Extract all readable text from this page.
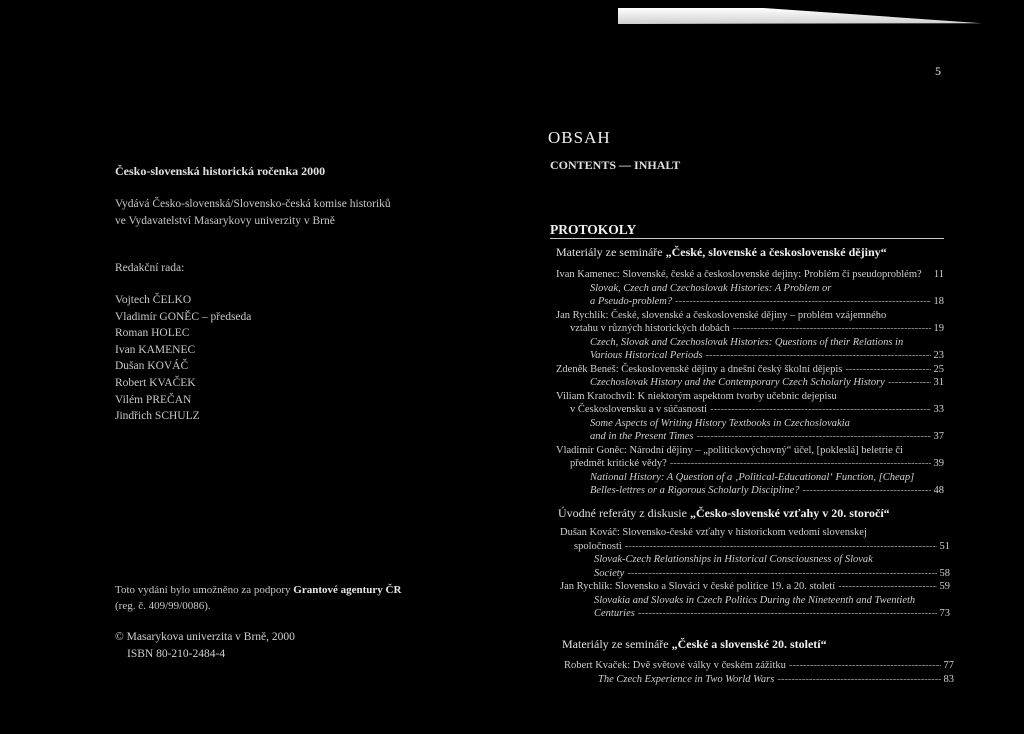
5
Česko-slovenská historická ročenka 2000
Vydává Česko-slovenská/Slovensko-česká komise historiků
ve Vydavatelství Masarykovy univerzity v Brně
Redakční rada:
Vojtech ČELKO
Vladimír GONĚC – předseda
Roman HOLEC
Ivan KAMENEC
Dušan KOVÁČ
Robert KVAČEK
Vilém PREČAN
Jindřich SCHULZ
Toto vydání bylo umožněno za podpory Grantové agentury ČR
(reg. č. 409/99/0086).
© Masarykova univerzita v Brně, 2000
ISBN 80-210-2484-4
OBSAH
CONTENTS — INHALT
PROTOKOLY
Materiály ze semináře „České, slovenské a československé dějiny“
Ivan Kamenec: Slovenské, české a československé dejiny: Problém či pseudoproblém? 11
Slovak, Czech and Czechoslovak Histories: A Problem or
a Pseudo-problem? -----	18
Jan Rychlík: České, slovenské a československé dějiny – problém vzájemného
vztahu v různých historických dobách -----	19
Czech, Slovak and Czechoslovak Histories: Questions of their Relations in
Various Historical Periods -----	23
Zdeněk Beneš: Československé dějiny a dnešní český školní dějepis -----	25
Czechoslovak History and the Contemporary Czech Scholarly History -----	31
Viliam Kratochvíl: K niektorým aspektom tvorby učebnic dejepisu
v Československu a v súčasnosti -----	33
Some Aspects of Writing History Textbooks in Czechoslovakia
and in the Present Times -----	37
Vladimír Goněc: Národní dějiny – „politickovýchovný“ účel, [pokleslá] beletrie či
předmět kritické vědy? -----	39
National History: A Question of a ‚Political-Educational‘ Function, [Cheap]
Belles-lettres or a Rigorous Scholarly Discipline? -----	48
Úvodné referáty z diskusie „Česko-slovenské vzťahy v 20. storočí“
Dušan Kováč: Slovensko-české vzťahy v historickom vedomí slovenskej
spoločnosti -----	51
Slovak-Czech Relationships in Historical Consciousness of Slovak
Society -----	58
Jan Rychlík: Slovensko a Slováci v české politice 19. a 20. století -----	59
Slovakia and Slovaks in Czech Politics During the Nineteenth and Twentieth
Centuries -----	73
Materiály ze semináře „České a slovenské 20. století“
Robert Kvaček: Dvě světové války v českém zážitku -----	77
The Czech Experience in Two World Wars -----	83
